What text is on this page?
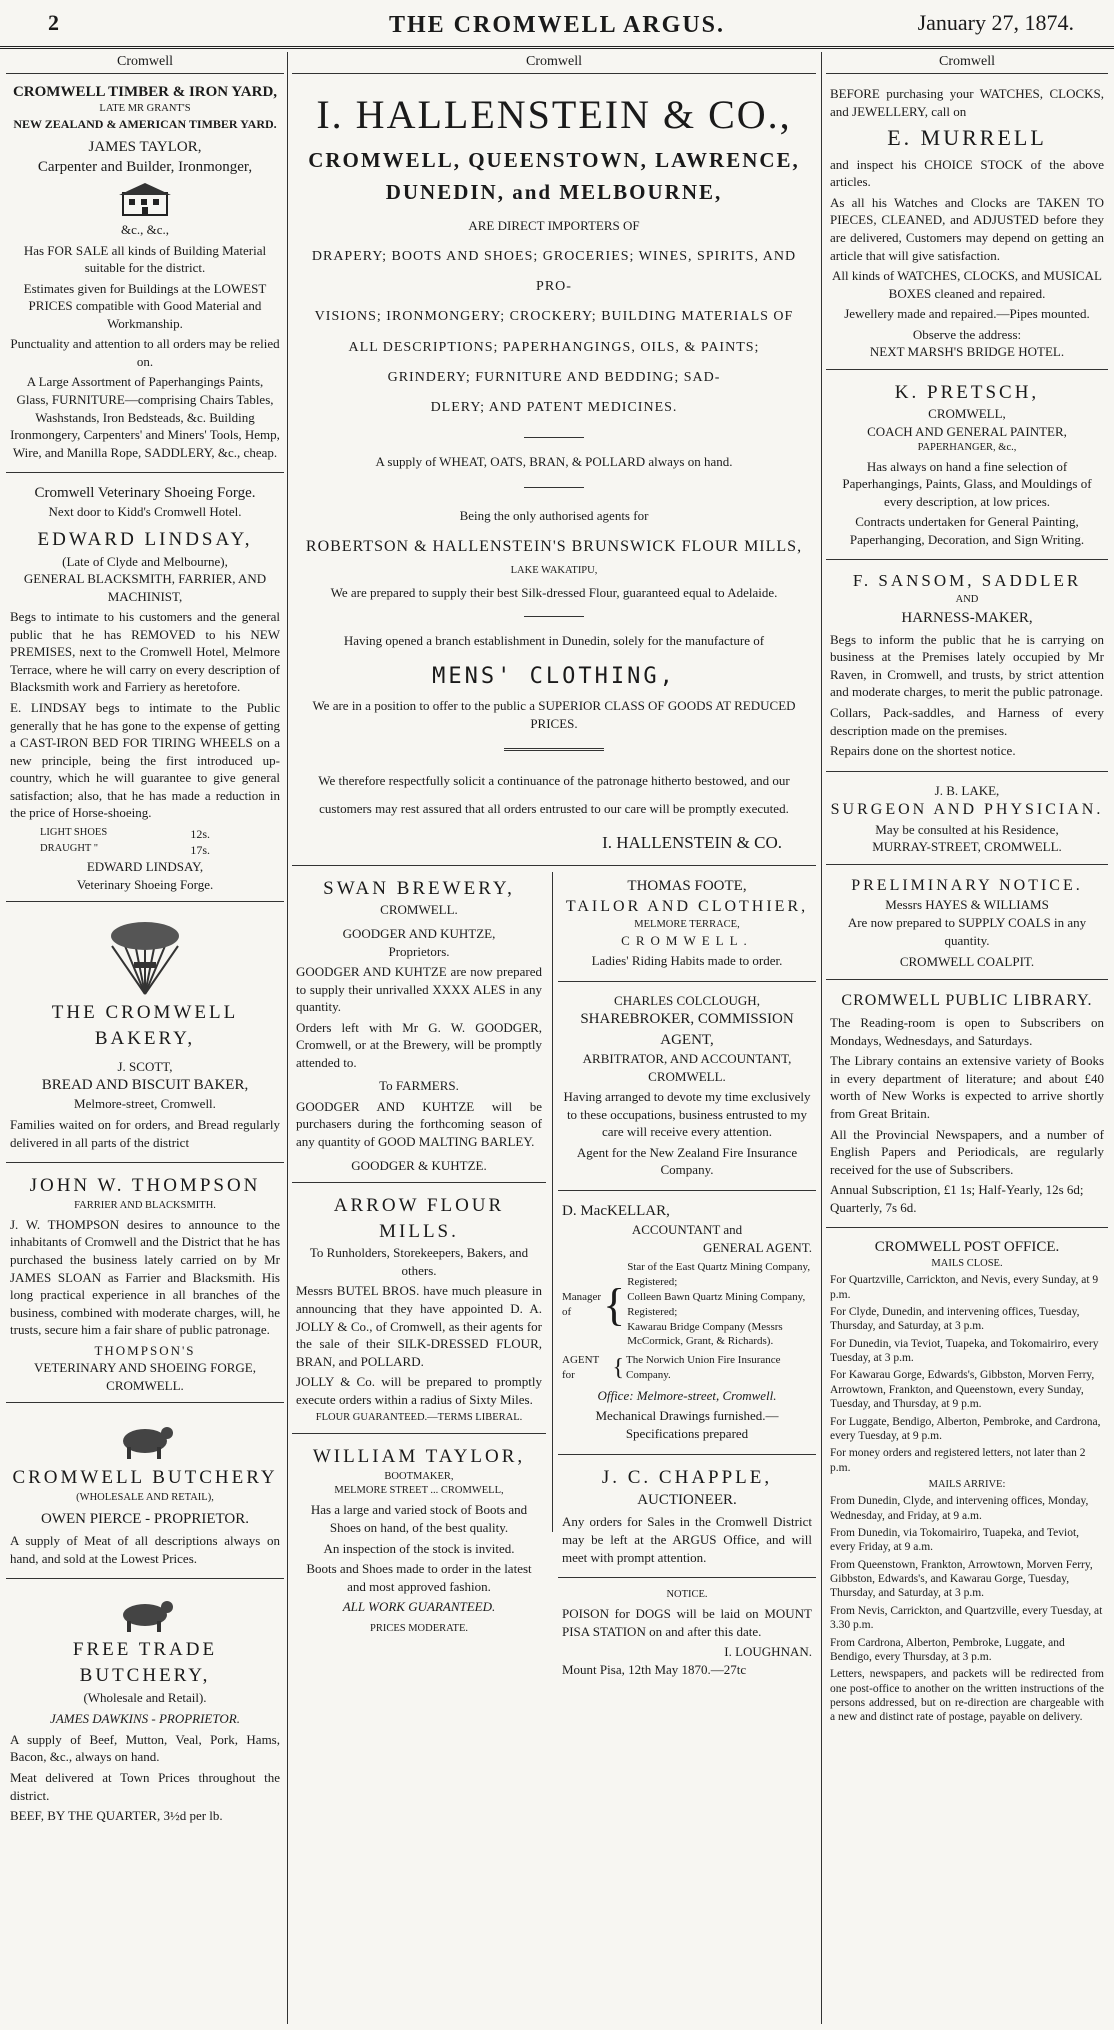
2	THE CROMWELL ARGUS.	January 27, 1874.
Cromwell
CROMWELL TIMBER & IRON YARD,
LATE MR GRANT'S
NEW ZEALAND & AMERICAN TIMBER YARD.
JAMES TAYLOR,
Carpenter and Builder, Ironmonger,
&c., &c.,

Has FOR SALE all kinds of Building Material suitable for the district.

Estimates given for Buildings at the LOWEST PRICES compatible with Good Material and Workmanship.

Punctuality and attention to all orders may be relied on.

A Large Assortment of Paperhangings Paints, Glass, FURNITURE—comprising Chairs Tables, Washstands, Iron Bedsteads, &c. Building Ironmongery, Carpenters' and Miners' Tools, Hemp, Wire, and Manilla Rope, SADDLERY, &c., cheap.

Cromwell Veterinary Shoeing Forge.
Next door to Kidd's Cromwell Hotel.
EDWARD LINDSAY,
(Late of Clyde and Melbourne),
GENERAL BLACKSMITH, FARRIER, AND MACHINIST,

Begs to intimate to his customers and the general public that he has REMOVED to his NEW PREMISES, next to the Cromwell Hotel, Melmore Terrace, where he will carry on every description of Blacksmith work and Farriery as heretofore.

E. LINDSAY begs to intimate to the Public generally that he has gone to the expense of getting a CAST-IRON BED FOR TIRING WHEELS on a new principle, being the first introduced up-country, which he will guarantee to give general satisfaction; also, that he has made a reduction in the price of Horse-shoeing.

LIGHT SHOES	12s.
DRAUGHT "	17s.
EDWARD LINDSAY,
Veterinary Shoeing Forge.
THE CROMWELL BAKERY,
J. SCOTT,
BREAD AND BISCUIT BAKER,
Melmore-street, Cromwell.

Families waited on for orders, and Bread regularly delivered in all parts of the district

JOHN W. THOMPSON
FARRIER AND BLACKSMITH.

J. W. THOMPSON desires to announce to the inhabitants of Cromwell and the District that he has purchased the business lately carried on by Mr JAMES SLOAN as Farrier and Blacksmith. His long practical experience in all branches of the business, combined with moderate charges, will, he trusts, secure him a fair share of public patronage.

THOMPSON'S
VETERINARY AND SHOEING FORGE,
CROMWELL.
CROMWELL BUTCHERY
(WHOLESALE AND RETAIL),
OWEN PIERCE - PROPRIETOR.

A supply of Meat of all descriptions always on hand, and sold at the Lowest Prices.

FREE TRADE BUTCHERY,
(Wholesale and Retail).
JAMES DAWKINS - PROPRIETOR.

A supply of Beef, Mutton, Veal, Pork, Hams, Bacon, &c., always on hand.

Meat delivered at Town Prices throughout the district.

BEEF, BY THE QUARTER, 3½d per lb.

Cromwell
I. HALLENSTEIN & CO.,
CROMWELL, QUEENSTOWN, LAWRENCE,
DUNEDIN, and MELBOURNE,
ARE DIRECT IMPORTERS OF
DRAPERY; BOOTS AND SHOES; GROCERIES; WINES, SPIRITS, AND PRO-
VISIONS; IRONMONGERY; CROCKERY; BUILDING MATERIALS OF
ALL DESCRIPTIONS; PAPERHANGINGS, OILS, & PAINTS;
GRINDERY; FURNITURE AND BEDDING; SAD-
DLERY; AND PATENT MEDICINES.
A supply of WHEAT, OATS, BRAN, & POLLARD always on hand.
Being the only authorised agents for
ROBERTSON & HALLENSTEIN'S BRUNSWICK FLOUR MILLS,
LAKE WAKATIPU,
We are prepared to supply their best Silk-dressed Flour, guaranteed equal to Adelaide.
Having opened a branch establishment in Dunedin, solely for the manufacture of
MENS' CLOTHING,
We are in a position to offer to the public a SUPERIOR CLASS OF GOODS AT REDUCED PRICES.
We therefore respectfully solicit a continuance of the patronage hitherto bestowed, and our customers may rest assured that all orders entrusted to our care will be promptly executed.
I. HALLENSTEIN & CO.
SWAN BREWERY,
CROMWELL.
GOODGER AND KUHTZE,
Proprietors.

GOODGER AND KUHTZE are now prepared to supply their unrivalled XXXX ALES in any quantity.

Orders left with Mr G. W. GOODGER, Cromwell, or at the Brewery, will be promptly attended to.

To FARMERS.

GOODGER AND KUHTZE will be purchasers during the forthcoming season of any quantity of GOOD MALTING BARLEY.

GOODGER & KUHTZE.
ARROW FLOUR MILLS.
To Runholders, Storekeepers, Bakers, and others.

Messrs BUTEL BROS. have much pleasure in announcing that they have appointed D. A. JOLLY & Co., of Cromwell, as their agents for the sale of their SILK-DRESSED FLOUR, BRAN, and POLLARD.

JOLLY & Co. will be prepared to promptly execute orders within a radius of Sixty Miles.

FLOUR GUARANTEED.—TERMS LIBERAL.
WILLIAM TAYLOR,
BOOTMAKER,
MELMORE STREET ... CROMWELL,

Has a large and varied stock of Boots and Shoes on hand, of the best quality.

An inspection of the stock is invited.

Boots and Shoes made to order in the latest and most approved fashion.

ALL WORK GUARANTEED.
PRICES MODERATE.
THOMAS FOOTE,
TAILOR AND CLOTHIER,
MELMORE TERRACE,
CROMWELL.

Ladies' Riding Habits made to order.

CHARLES COLCLOUGH,
SHAREBROKER, COMMISSION AGENT,
ARBITRATOR, AND ACCOUNTANT,
CROMWELL.

Having arranged to devote my time exclusively to these occupations, business entrusted to my care will receive every attention.

Agent for the New Zealand Fire Insurance Company.

D. MacKELLAR,
ACCOUNTANT and
GENERAL AGENT.
Manager of {
Star of the East Quartz Mining Company, Registered;
Colleen Bawn Quartz Mining Company, Registered;
Kawarau Bridge Company (Messrs McCormick, Grant, & Richards).
AGENT for	{ The Norwich Union Fire Insurance Company.
Office: Melmore-street, Cromwell.

Mechanical Drawings furnished.—Specifications prepared

J. C. CHAPPLE,
AUCTIONEER.

Any orders for Sales in the Cromwell District may be left at the ARGUS Office, and will meet with prompt attention.

NOTICE.

POISON for DOGS will be laid on MOUNT PISA STATION on and after this date.

I. LOUGHNAN.
Mount Pisa, 12th May 1870.—27tc
Cromwell

BEFORE purchasing your WATCHES, CLOCKS, and JEWELLERY, call on

E. MURRELL

and inspect his CHOICE STOCK of the above articles.

As all his Watches and Clocks are TAKEN TO PIECES, CLEANED, and ADJUSTED before they are delivered, Customers may depend on getting an article that will give satisfaction.

All kinds of WATCHES, CLOCKS, and MUSICAL BOXES cleaned and repaired.

Jewellery made and repaired.—Pipes mounted.

Observe the address:
NEXT MARSH'S BRIDGE HOTEL.
K. PRETSCH,
CROMWELL,
COACH AND GENERAL PAINTER,
PAPERHANGER, &c.,

Has always on hand a fine selection of Paperhangings, Paints, Glass, and Mouldings of every description, at low prices.

Contracts undertaken for General Painting, Paperhanging, Decoration, and Sign Writing.

F. SANSOM, SADDLER
AND
HARNESS-MAKER,

Begs to inform the public that he is carrying on business at the Premises lately occupied by Mr Raven, in Cromwell, and trusts, by strict attention and moderate charges, to merit the public patronage.

Collars, Pack-saddles, and Harness of every description made on the premises.

Repairs done on the shortest notice.

J. B. LAKE,
SURGEON AND PHYSICIAN.
May be consulted at his Residence,
MURRAY-STREET, CROMWELL.
PRELIMINARY NOTICE.
Messrs HAYES & WILLIAMS
Are now prepared to SUPPLY COALS in any quantity.
CROMWELL COALPIT.
CROMWELL PUBLIC LIBRARY.

The Reading-room is open to Subscribers on Mondays, Wednesdays, and Saturdays.

The Library contains an extensive variety of Books in every department of literature; and about £40 worth of New Works is expected to arrive shortly from Great Britain.

All the Provincial Newspapers, and a number of English Papers and Periodicals, are regularly received for the use of Subscribers.

Annual Subscription, £1 1s; Half-Yearly, 12s 6d; Quarterly, 7s 6d.

CROMWELL POST OFFICE.
MAILS CLOSE.

For Quartzville, Carrickton, and Nevis, every Sunday, at 9 p.m.

For Clyde, Dunedin, and intervening offices, Tuesday, Thursday, and Saturday, at 3 p.m.

For Dunedin, via Teviot, Tuapeka, and Tokomairiro, every Tuesday, at 3 p.m.

For Kawarau Gorge, Edwards's, Gibbston, Morven Ferry, Arrowtown, Frankton, and Queenstown, every Sunday, Tuesday, and Thursday, at 9 p.m.

For Luggate, Bendigo, Alberton, Pembroke, and Cardrona, every Tuesday, at 9 p.m.

For money orders and registered letters, not later than 2 p.m.

MAILS ARRIVE:

From Dunedin, Clyde, and intervening offices, Monday, Wednesday, and Friday, at 9 a.m.

From Dunedin, via Tokomairiro, Tuapeka, and Teviot, every Friday, at 9 a.m.

From Queenstown, Frankton, Arrowtown, Morven Ferry, Gibbston, Edwards's, and Kawarau Gorge, Tuesday, Thursday, and Saturday, at 3 p.m.

From Nevis, Carrickton, and Quartzville, every Tuesday, at 3.30 p.m.

From Cardrona, Alberton, Pembroke, Luggate, and Bendigo, every Thursday, at 3 p.m.

Letters, newspapers, and packets will be redirected from one post-office to another on the written instructions of the persons addressed, but on re-direction are chargeable with a new and distinct rate of postage, payable on delivery.
